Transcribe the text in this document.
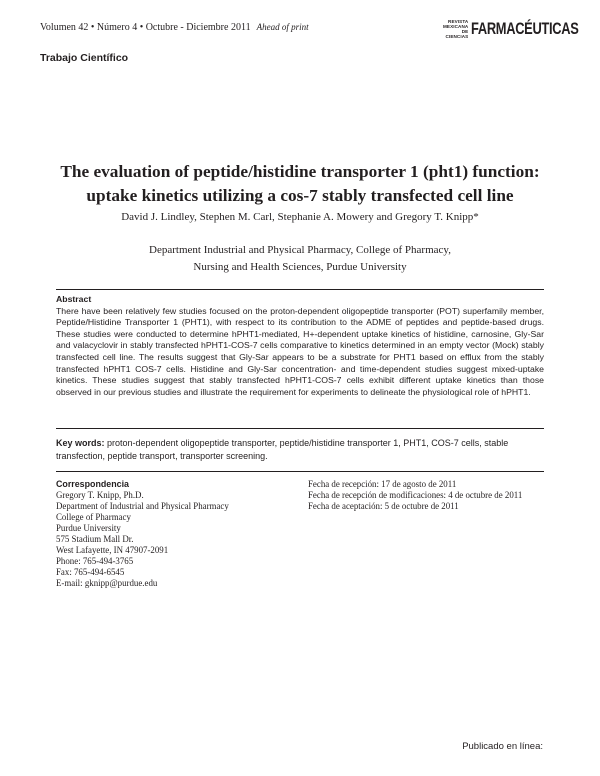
Volumen 42 • Número 4 • Octubre - Diciembre 2011 Ahead of print
REVISTA
MEXICANA
DE CIENCIAS FARMACÉUTICAS
Trabajo Científico
The evaluation of peptide/histidine transporter 1 (pht1) function:
uptake kinetics utilizing a cos-7 stably transfected cell line
David J. Lindley, Stephen M. Carl, Stephanie A. Mowery and Gregory T. Knipp*
Department Industrial and Physical Pharmacy, College of Pharmacy,
Nursing and Health Sciences, Purdue University
Abstract
There have been relatively few studies focused on the proton-dependent oligopeptide transporter (POT) superfamily member, Peptide/Histidine Transporter 1 (PHT1), with respect to its contribution to the ADME of peptides and peptide-based drugs. These studies were conducted to determine hPHT1-mediated, H+-dependent uptake kinetics of histidine, carnosine, Gly-Sar and valacyclovir in stably transfected hPHT1-COS-7 cells comparative to kinetics determined in an empty vector (Mock) stably transfected cell line. The results suggest that Gly-Sar appears to be a substrate for PHT1 based on efflux from the stably transfected hPHT1 COS-7 cells. Histidine and Gly-Sar concentration- and time-dependent studies suggest mixed-uptake kinetics. These studies suggest that stably transfected hPHT1-COS-7 cells exhibit different uptake kinetics than those observed in our previous studies and illustrate the requirement for experiments to delineate the physiological role of hPHT1.
Key words: proton-dependent oligopeptide transporter, peptide/histidine transporter 1, PHT1, COS-7 cells, stable transfection, peptide transport, transporter screening.
Correspondencia
Gregory T. Knipp, Ph.D.
Department of Industrial and Physical Pharmacy
College of Pharmacy
Purdue University
575 Stadium Mall Dr.
West Lafayette, IN 47907-2091
Phone: 765-494-3765
Fax: 765-494-6545
E-mail: gknipp@purdue.edu
Fecha de recepción: 17 de agosto de 2011
Fecha de recepción de modificaciones: 4 de octubre de 2011
Fecha de aceptación: 5 de octubre de 2011
Publicado en línea:
